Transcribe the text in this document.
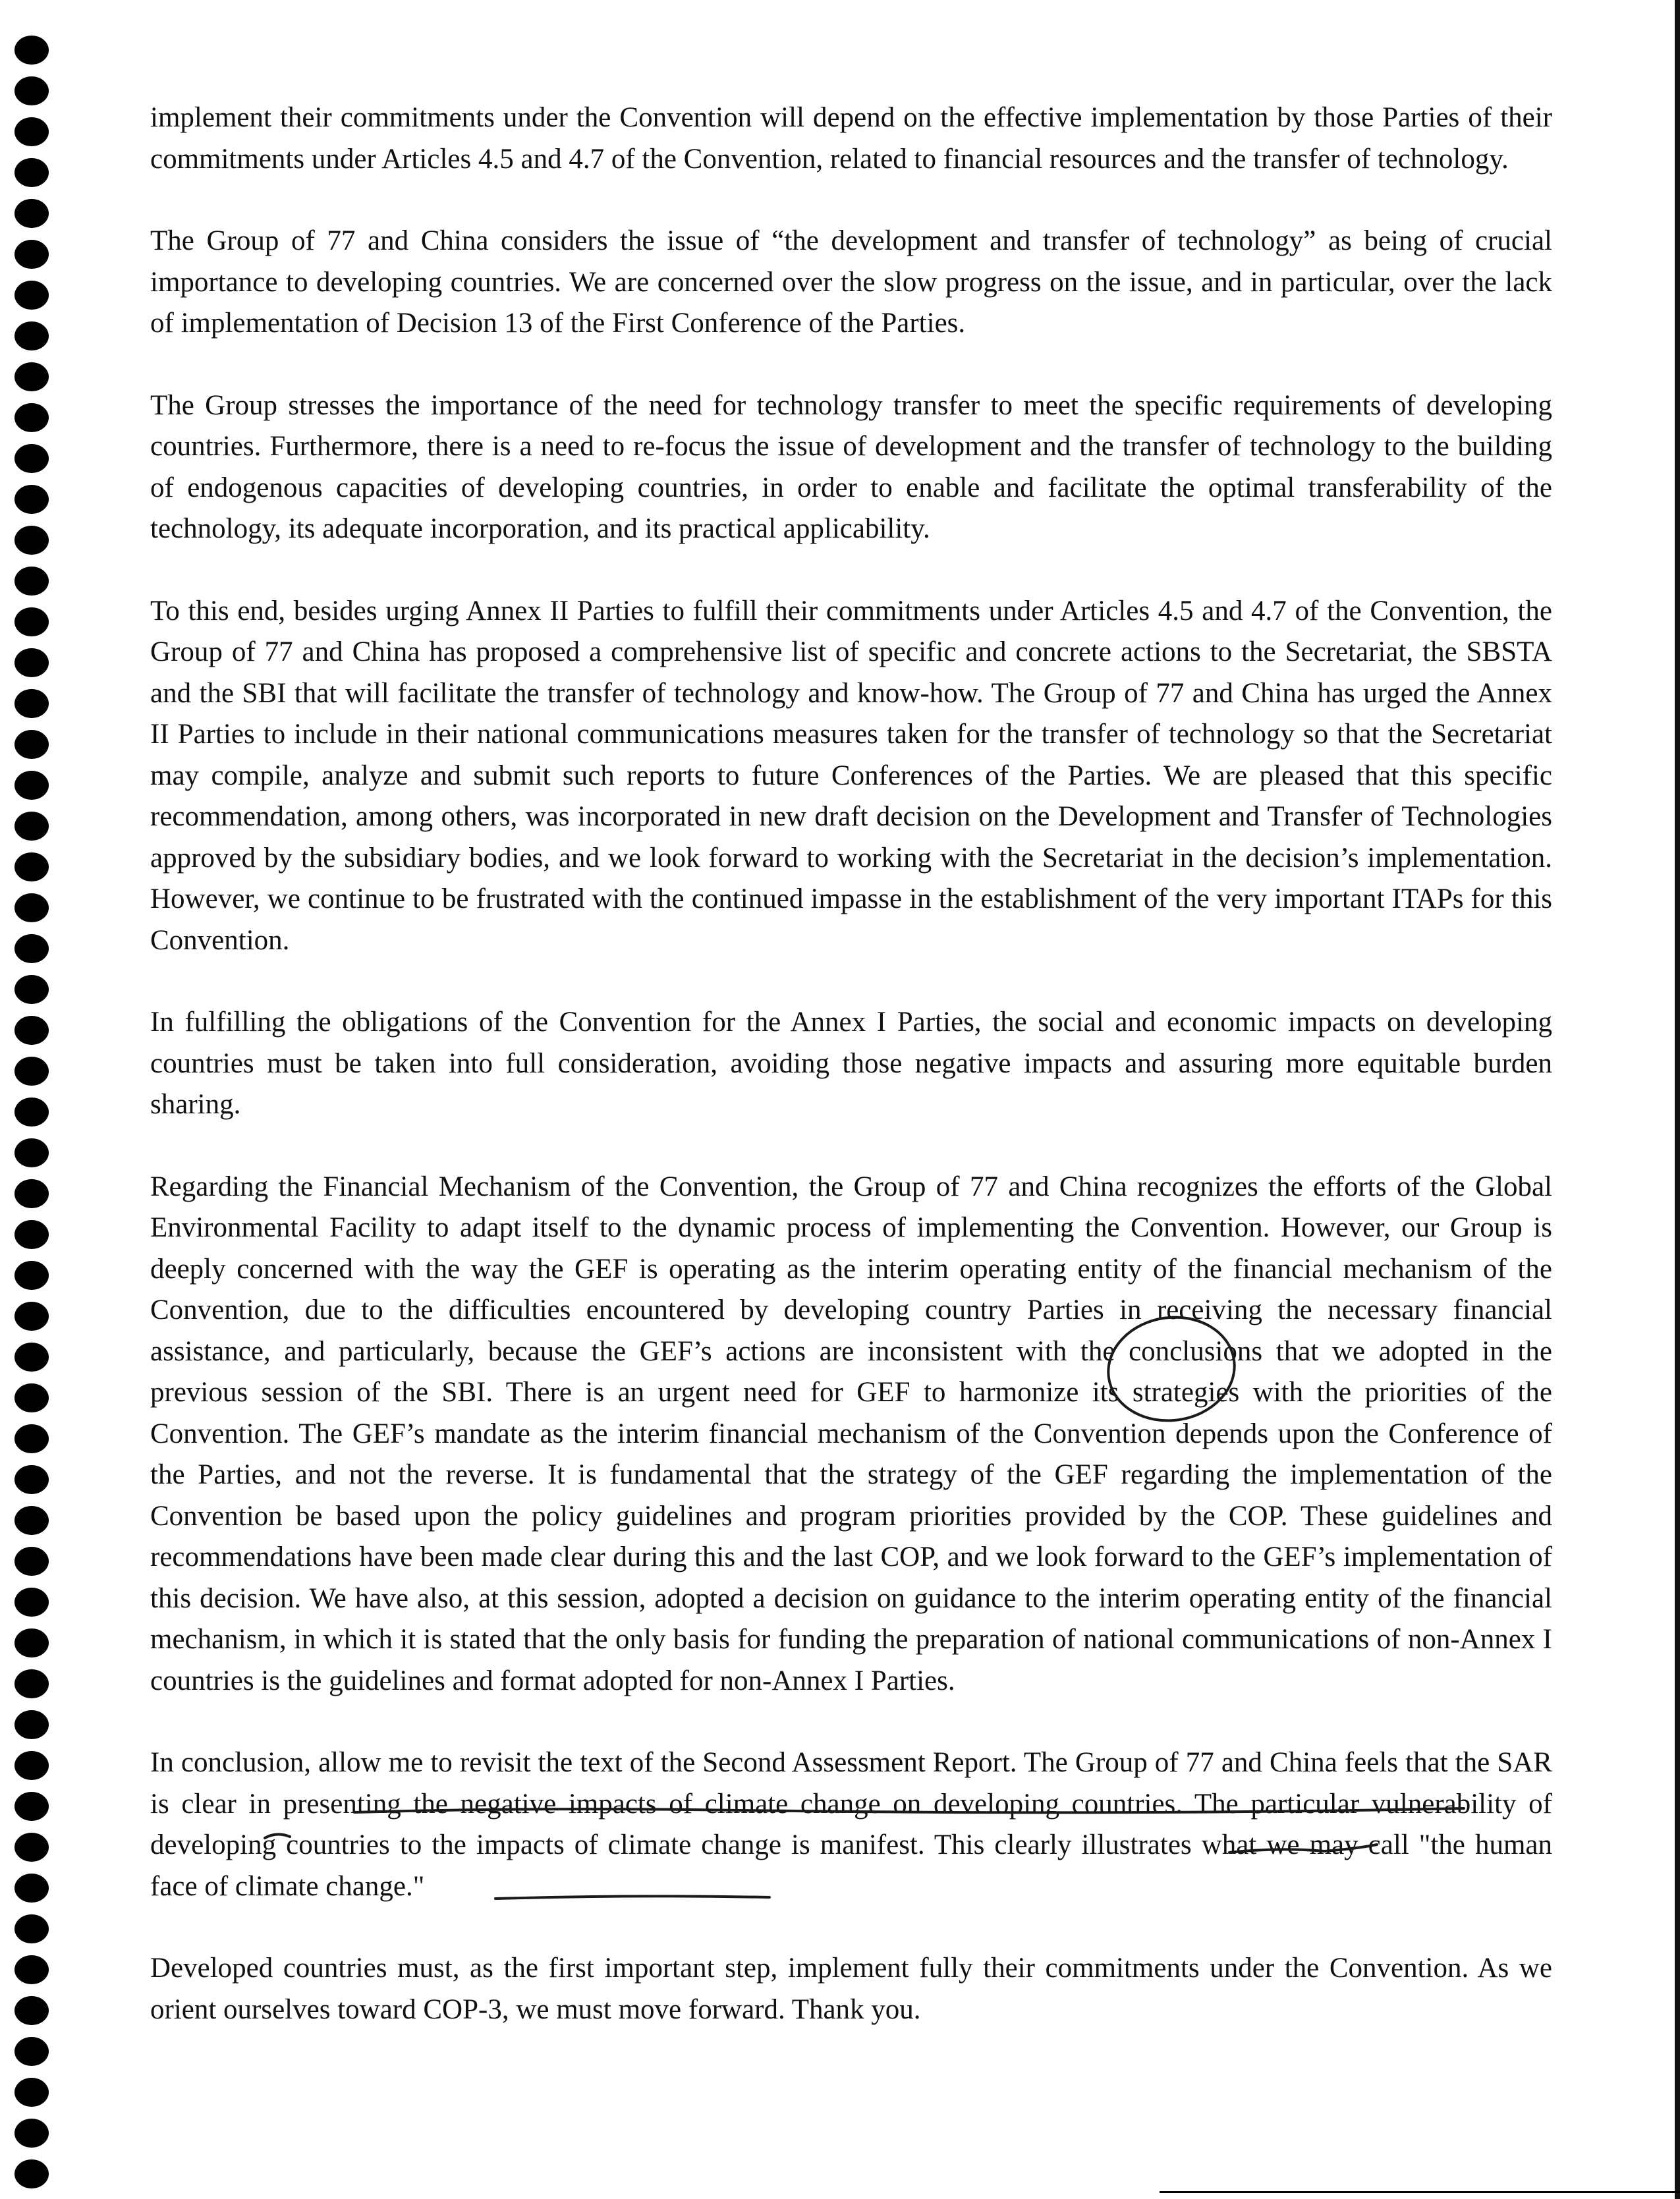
implement their commitments under the Convention will depend on the effective implementation by those Parties of their commitments under Articles 4.5 and 4.7 of the Convention, related to financial resources and the transfer of technology.

The Group of 77 and China considers the issue of “the development and transfer of technology” as being of crucial importance to developing countries. We are concerned over the slow progress on the issue, and in particular, over the lack of implementation of Decision 13 of the First Conference of the Parties.

The Group stresses the importance of the need for technology transfer to meet the specific requirements of developing countries. Furthermore, there is a need to re-focus the issue of development and the transfer of technology to the building of endogenous capacities of developing countries, in order to enable and facilitate the optimal transferability of the technology, its adequate incorporation, and its practical applicability.

To this end, besides urging Annex II Parties to fulfill their commitments under Articles 4.5 and 4.7 of the Convention, the Group of 77 and China has proposed a comprehensive list of specific and concrete actions to the Secretariat, the SBSTA and the SBI that will facilitate the transfer of technology and know-how. The Group of 77 and China has urged the Annex II Parties to include in their national communications measures taken for the transfer of technology so that the Secretariat may compile, analyze and submit such reports to future Conferences of the Parties. We are pleased that this specific recommendation, among others, was incorporated in new draft decision on the Development and Transfer of Technologies approved by the subsidiary bodies, and we look forward to working with the Secretariat in the decision’s implementation. However, we continue to be frustrated with the continued impasse in the establishment of the very important ITAPs for this Convention.

In fulfilling the obligations of the Convention for the Annex I Parties, the social and economic impacts on developing countries must be taken into full consideration, avoiding those negative impacts and assuring more equitable burden sharing.

Regarding the Financial Mechanism of the Convention, the Group of 77 and China recognizes the efforts of the Global Environmental Facility to adapt itself to the dynamic process of implementing the Convention. However, our Group is deeply concerned with the way the GEF is operating as the interim operating entity of the financial mechanism of the Convention, due to the difficulties encountered by developing country Parties in receiving the necessary financial assistance, and particularly, because the GEF’s actions are inconsistent with the conclusions that we adopted in the previous session of the SBI. There is an urgent need for GEF to harmonize its strategies with the priorities of the Convention. The GEF’s mandate as the interim financial mechanism of the Convention depends upon the Conference of the Parties, and not the reverse. It is fundamental that the strategy of the GEF regarding the implementation of the Convention be based upon the policy guidelines and program priorities provided by the COP. These guidelines and recommendations have been made clear during this and the last COP, and we look forward to the GEF’s implementation of this decision. We have also, at this session, adopted a decision on guidance to the interim operating entity of the financial mechanism, in which it is stated that the only basis for funding the preparation of national communications of non-Annex I countries is the guidelines and format adopted for non-Annex I Parties.

In conclusion, allow me to revisit the text of the Second Assessment Report. The Group of 77 and China feels that the SAR is clear in presenting the negative impacts of climate change on developing countries. The particular vulnerability of developing countries to the impacts of climate change is manifest. This clearly illustrates what we may call "the human face of climate change."

Developed countries must, as the first important step, implement fully their commitments under the Convention. As we orient ourselves toward COP-3, we must move forward. Thank you.
